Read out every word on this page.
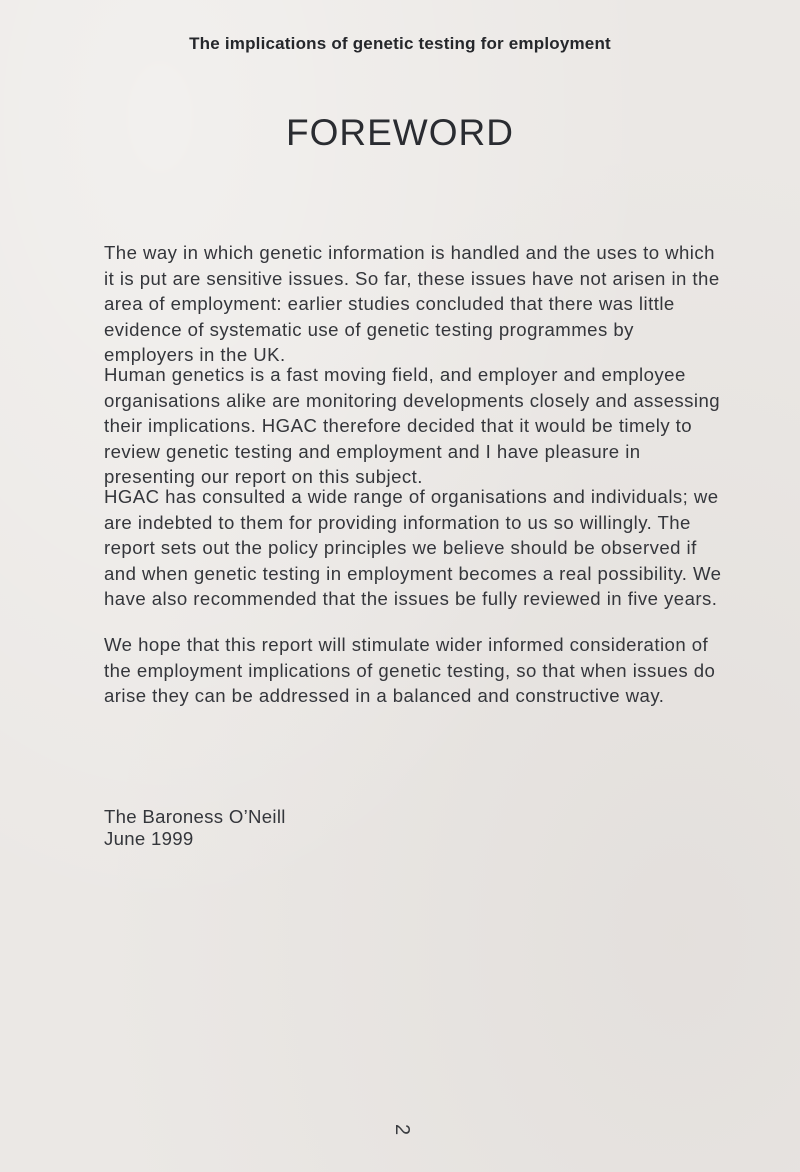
The implications of genetic testing for employment
FOREWORD

The way in which genetic information is handled and the uses to which it is put are sensitive issues. So far, these issues have not arisen in the area of employment: earlier studies concluded that there was little evidence of systematic use of genetic testing programmes by employers in the UK.

Human genetics is a fast moving field, and employer and employee organisations alike are monitoring developments closely and assessing their implications. HGAC therefore decided that it would be timely to review genetic testing and employment and I have pleasure in presenting our report on this subject.

HGAC has consulted a wide range of organisations and individuals; we are indebted to them for providing information to us so willingly. The report sets out the policy principles we believe should be observed if and when genetic testing in employment becomes a real possibility. We have also recommended that the issues be fully reviewed in five years.

We hope that this report will stimulate wider informed consideration of the employment implications of genetic testing, so that when issues do arise they can be addressed in a balanced and constructive way.

The Baroness O’Neill
June 1999
2
